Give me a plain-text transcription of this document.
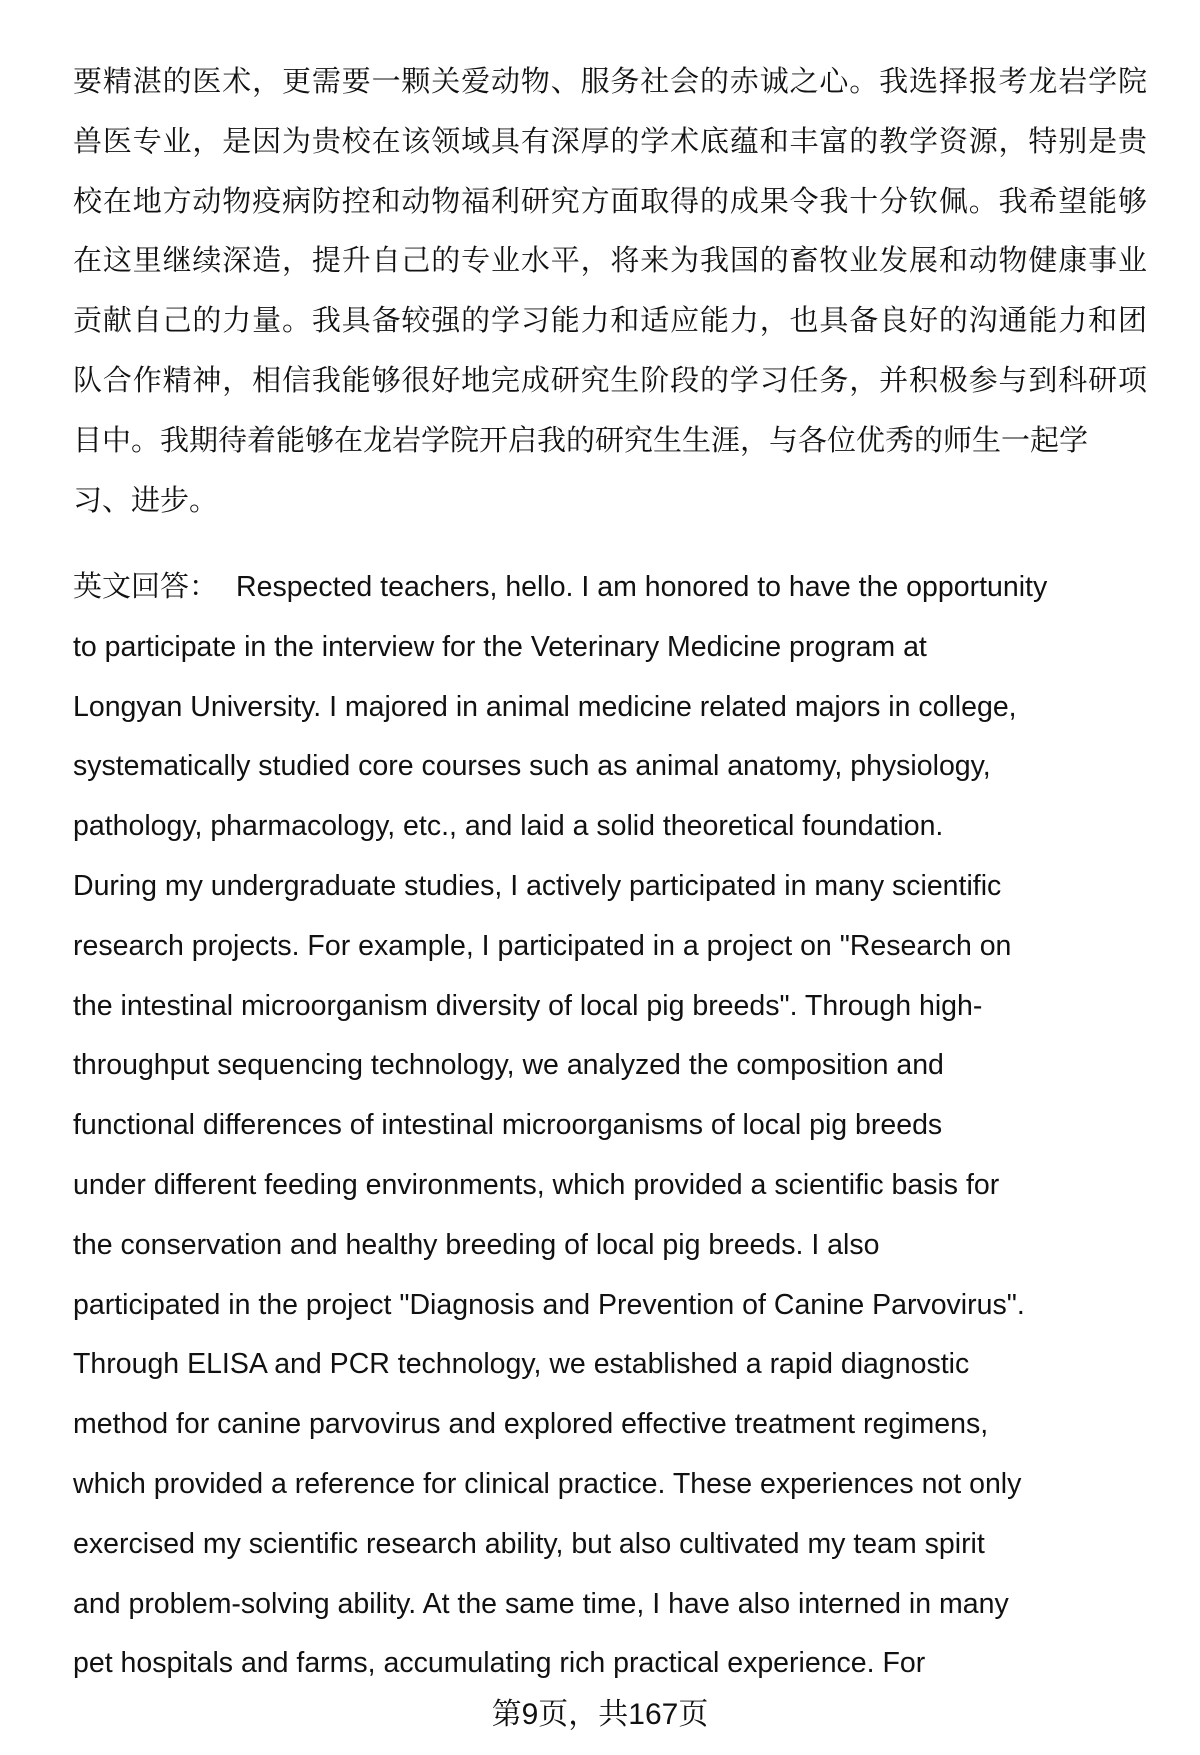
要精湛的医术，更需要一颗关爱动物、服务社会的赤诚之心。我选择报考龙岩学院
兽医专业，是因为贵校在该领域具有深厚的学术底蕴和丰富的教学资源，特别是贵
校在地方动物疫病防控和动物福利研究方面取得的成果令我十分钦佩。我希望能够
在这里继续深造，提升自己的专业水平，将来为我国的畜牧业发展和动物健康事业
贡献自己的力量。我具备较强的学习能力和适应能力，也具备良好的沟通能力和团
队合作精神，相信我能够很好地完成研究生阶段的学习任务，并积极参与到科研项
目中。我期待着能够在龙岩学院开启我的研究生生涯，与各位优秀的师生一起学
习、进步。
英文回答： Respected teachers, hello. I am honored to have the opportunity
to participate in the interview for the Veterinary Medicine program at
Longyan University. I majored in animal medicine related majors in college,
systematically studied core courses such as animal anatomy, physiology,
pathology, pharmacology, etc., and laid a solid theoretical foundation.
During my undergraduate studies, I actively participated in many scientific
research projects. For example, I participated in a project on "Research on
the intestinal microorganism diversity of local pig breeds". Through high-
throughput sequencing technology, we analyzed the composition and
functional differences of intestinal microorganisms of local pig breeds
under different feeding environments, which provided a scientific basis for
the conservation and healthy breeding of local pig breeds. I also
participated in the project "Diagnosis and Prevention of Canine Parvovirus".
Through ELISA and PCR technology, we established a rapid diagnostic
method for canine parvovirus and explored effective treatment regimens,
which provided a reference for clinical practice. These experiences not only
exercised my scientific research ability, but also cultivated my team spirit
and problem-solving ability. At the same time, I have also interned in many
pet hospitals and farms, accumulating rich practical experience. For
第9页，共167页
